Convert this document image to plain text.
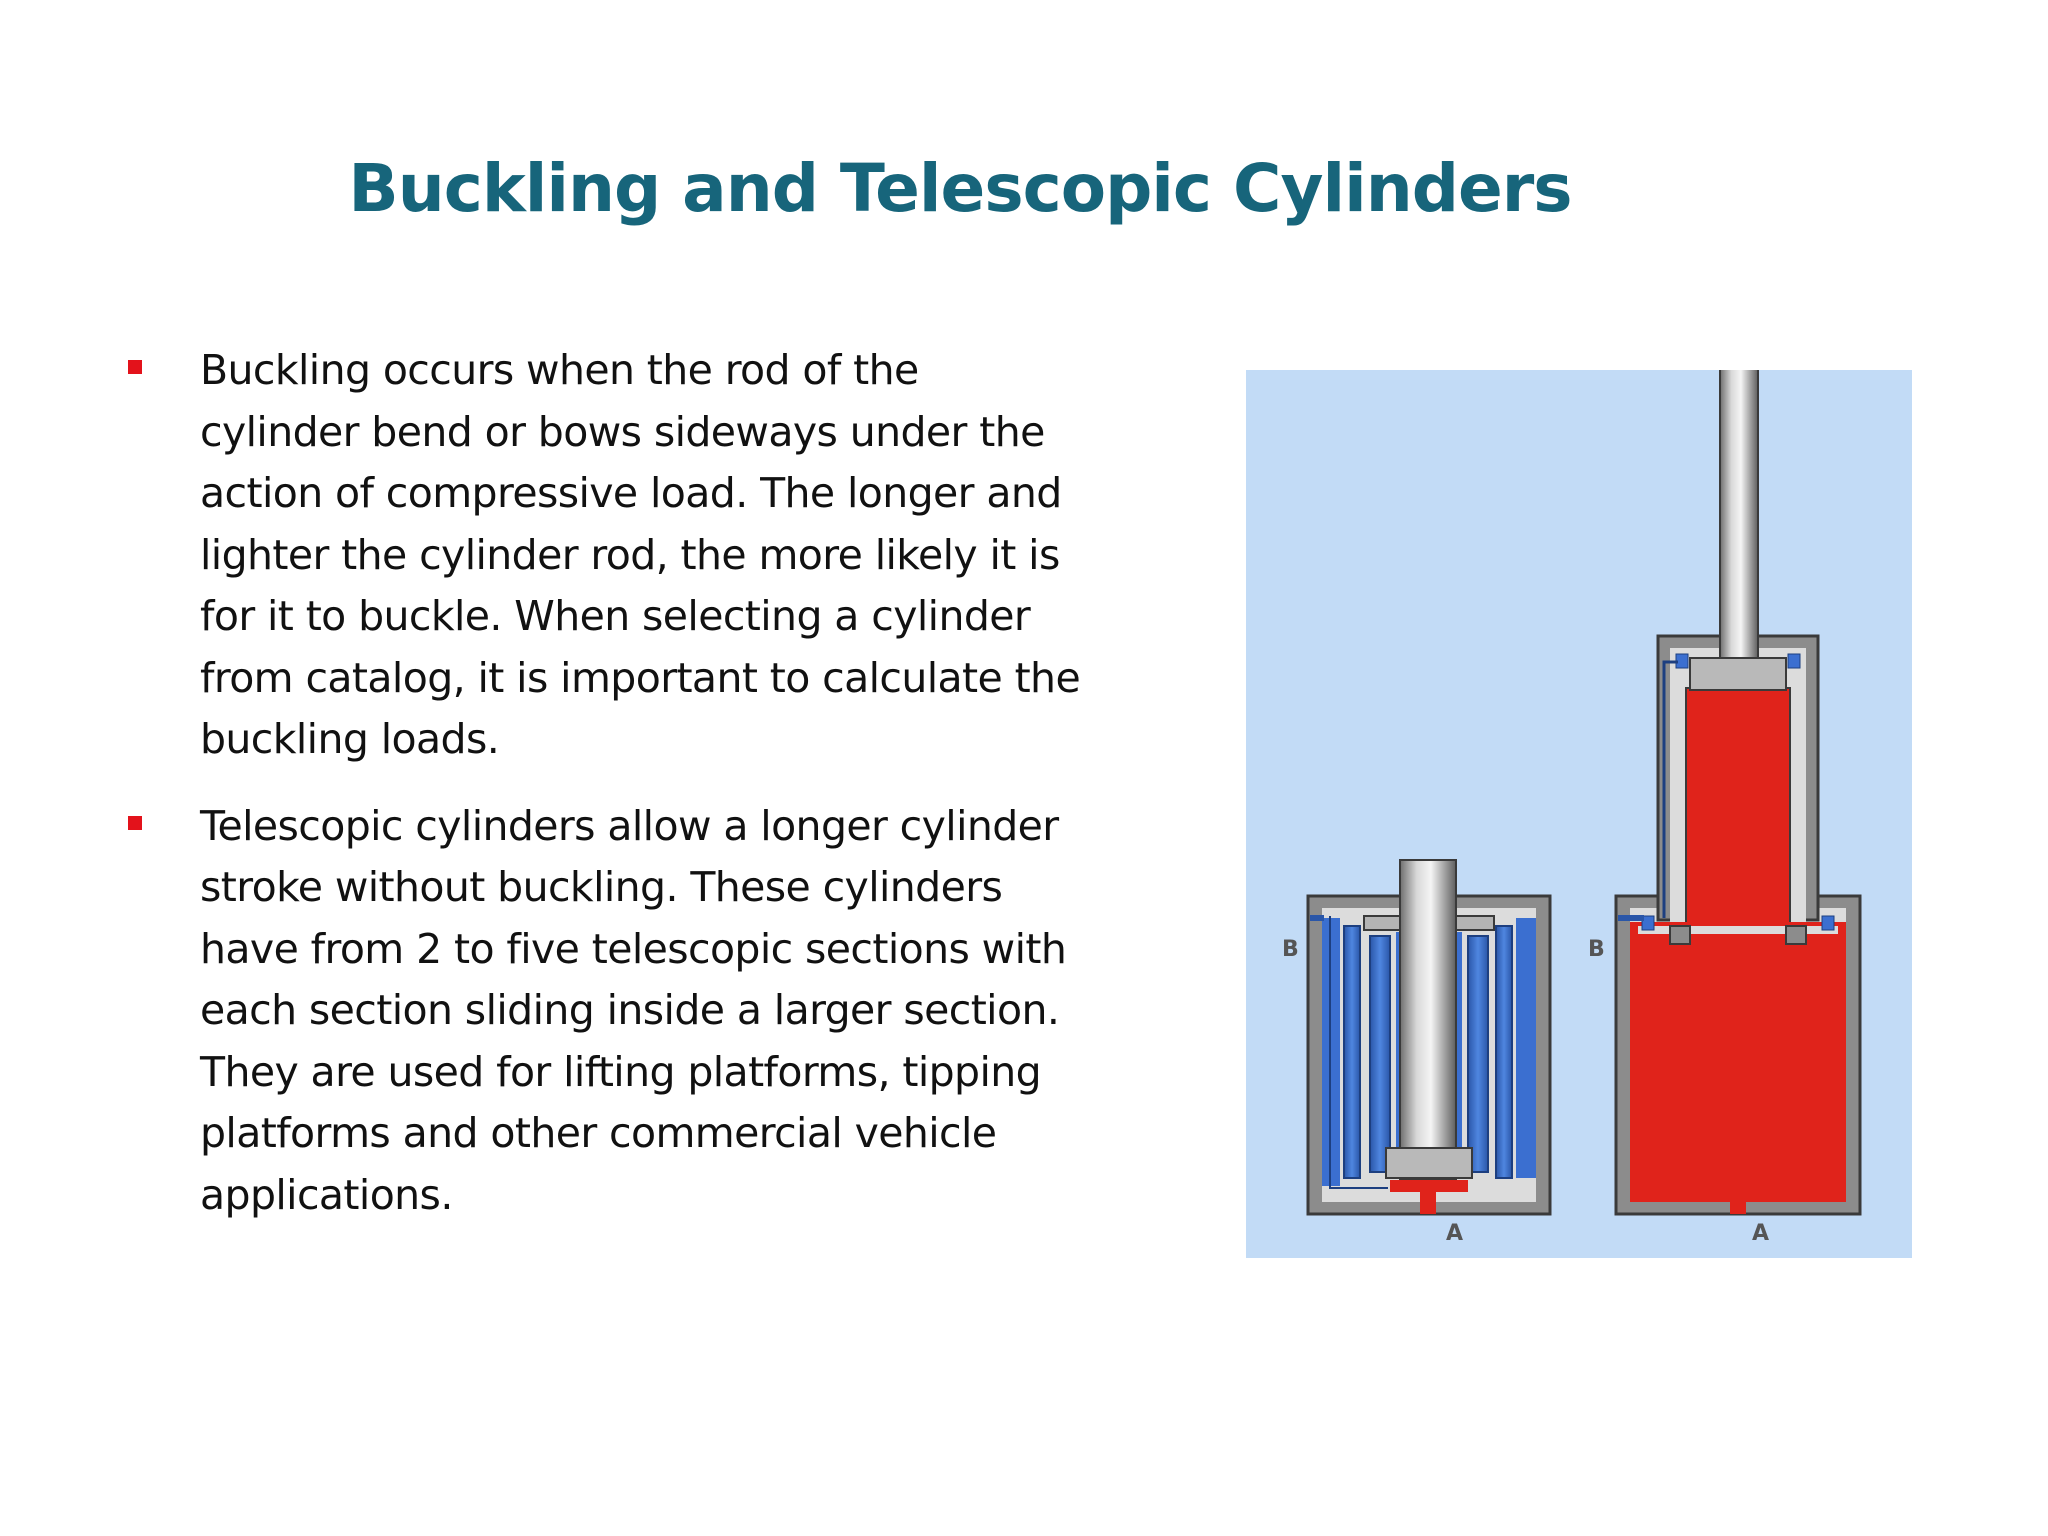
Buckling and Telescopic Cylinders
Buckling occurs when the rod of the cylinder bend or bows sideways under the action of compressive load. The longer and lighter the cylinder rod, the more likely it is for it to buckle. When selecting a cylinder from catalog, it is important to calculate the buckling loads.
Telescopic cylinders allow a longer cylinder stroke without buckling. These cylinders have from 2 to five telescopic sections with each section sliding inside a larger section. They are used for lifting platforms, tipping platforms and other commercial vehicle applications.
B
A
B
A
